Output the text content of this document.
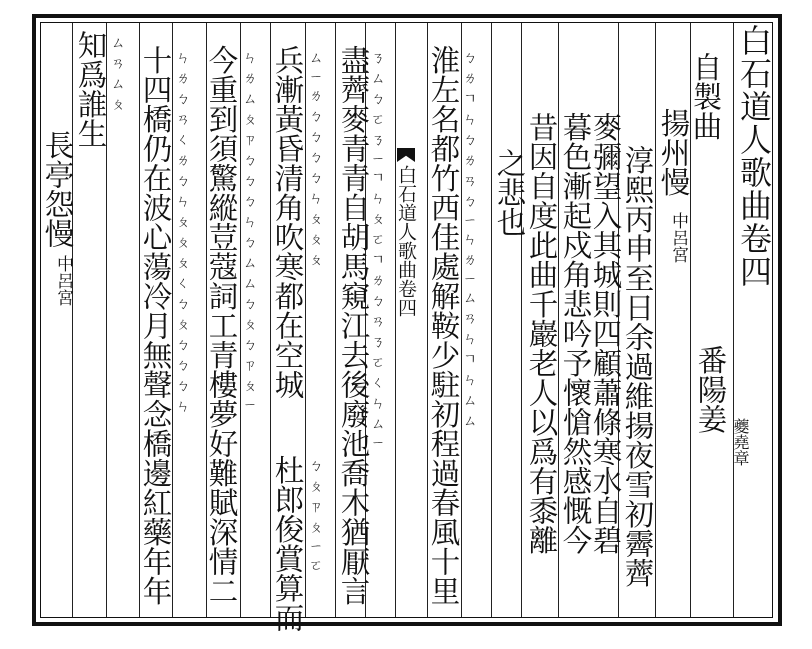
白石道人歌曲卷四
番陽姜
夔堯章
自製曲
揚州慢
中呂宮
淳熙丙申至日余過維揚夜雪初霽薺
麥彌望入其城則四顧蕭條寒水自碧
暮色漸起戍角悲吟予懷愴然感慨今
昔因自度此曲千巖老人以爲有黍離
之悲也
淮左名都竹西佳處解鞍少駐初程過春風十里 ㄅㄌㄱㄣㄅㄌㄢㄅㄧㄣㄌㄧㄙㄢㄣㄱㄣㄙㄙ
白石道人歌曲卷四
盡薺麥青青自胡馬窺江去後廢池喬木猶厭言
ㄋㄙㄅㄛㄋㄧㄱㄣㄆㄛㄱㄌㄅㄢㄋㄛㄑㄣㄙㄧ
兵漸黃昏清角吹寒都在空城 ㄙㄧㄌㄅㄅㄅㄅㄣㄆㄆㄆ
杜郎俊賞算而 ㄅㄆㄗㄆㄧㄛ
今重到須驚縱荳蔻詞工青樓夢好難賦深情二 ㄣㄌㄙㄆㄗㄅㄅㄅㄣㄅㄙㄙㄅㄆㄅㄗㄆㄧ
十四橋仍在波心蕩冷月無聲念橋邊紅藥年年 ㄣㄌㄅㄢㄑㄌㄅㄣㄆㄆㄆㄑㄅㄆㄅㄅㄅㄣ
知爲誰生 ㄙㄢㄙㄆ
長亭怨慢
中呂宮
